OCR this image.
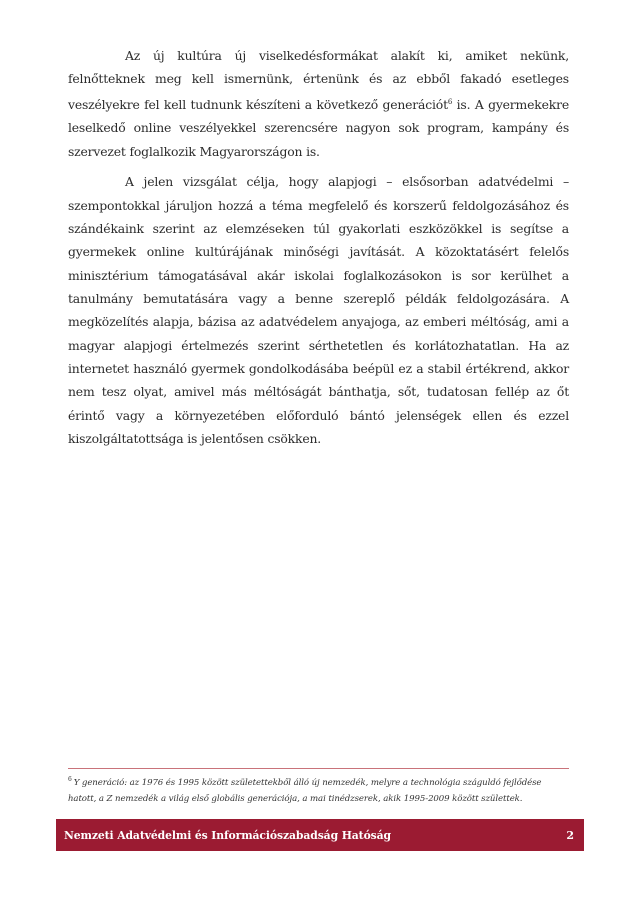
Az új kultúra új viselkedésformákat alakít ki, amiket nekünk, felnőtteknek meg kell ismernünk, értenünk és az ebből fakadó esetleges veszélyekre fel kell tudnunk készíteni a következő generációt$^6$ is. A gyermekekre leselkedő online veszélyekkel szerencsére nagyon sok program, kampány és szervezet foglalkozik Magyarországon is.

A jelen vizsgálat célja, hogy alapjogi – elsősorban adatvédelmi – szempontokkal járuljon hozzá a téma megfelelő és korszerű feldolgozásához és szándékaink szerint az elemzéseken túl gyakorlati eszközökkel is segítse a gyermekek online kultúrájának minőségi javítását. A közoktatásért felelős minisztérium támogatásával akár iskolai foglalkozásokon is sor kerülhet a tanulmány bemutatására vagy a benne szereplő példák feldolgozására. A megközelítés alapja, bázisa az adatvédelem anyajoga, az emberi méltóság, ami a magyar alapjogi értelmezés szerint sérthetetlen és korlátozhatatlan. Ha az internetet használó gyermek gondolkodásába beépül ez a stabil értékrend, akkor nem tesz olyat, amivel más méltóságát bánthatja, sőt, tudatosan fellép az őt érintő vagy a környezetében előforduló bántó jelenségek ellen és ezzel kiszolgáltatottsága is jelentősen csökken.

$^6$ Y generáció: az 1976 és 1995 között születettekből álló új nemzedék, melyre a technológia száguldó fejlődése hatott, a Z nemzedék a világ első globális generációja, a mai tinédzserek, akik 1995-2009 között születtek.

Nemzeti Adatvédelmi és Információszabadság Hatóság	2
